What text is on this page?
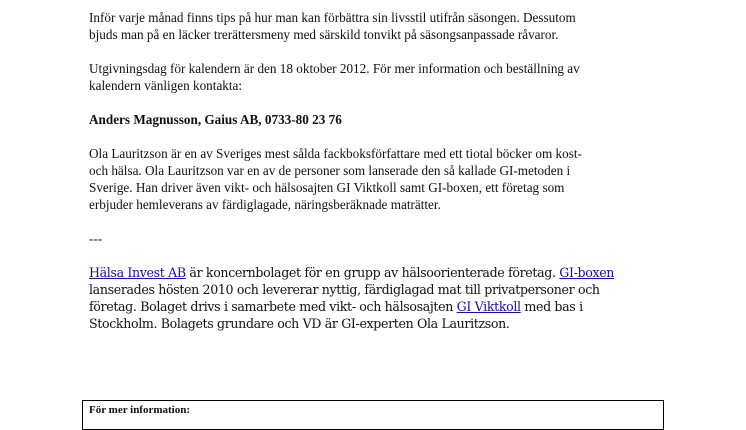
Inför varje månad finns tips på hur man kan förbättra sin livsstil utifrån säsongen. Dessutom

bjuds man på en läcker trerättersmeny med särskild tonvikt på säsongsanpassade råvaror.

Utgivningsdag för kalendern är den 18 oktober 2012. För mer information och beställning av

kalendern vänligen kontakta:

Anders Magnusson, Gaius AB, 0733-80 23 76

Ola Lauritzson är en av Sveriges mest sålda fackboksförfattare med ett tiotal böcker om kost-

och hälsa. Ola Lauritzson var en av de personer som lanserade den så kallade GI-metoden i

Sverige. Han driver även vikt- och hälsosajten GI Viktkoll samt GI-boxen, ett företag som

erbjuder hemleverans av färdiglagade, näringsberäknade maträtter.

---

Hälsa Invest AB är koncernbolaget för en grupp av hälsoorienterade företag. GI-boxen

lanserades hösten 2010 och levererar nyttig, färdiglagad mat till privatpersoner och

företag. Bolaget drivs i samarbete med vikt- och hälsosajten GI Viktkoll med bas i

Stockholm. Bolagets grundare och VD är GI-experten Ola Lauritzson.

För mer information:
